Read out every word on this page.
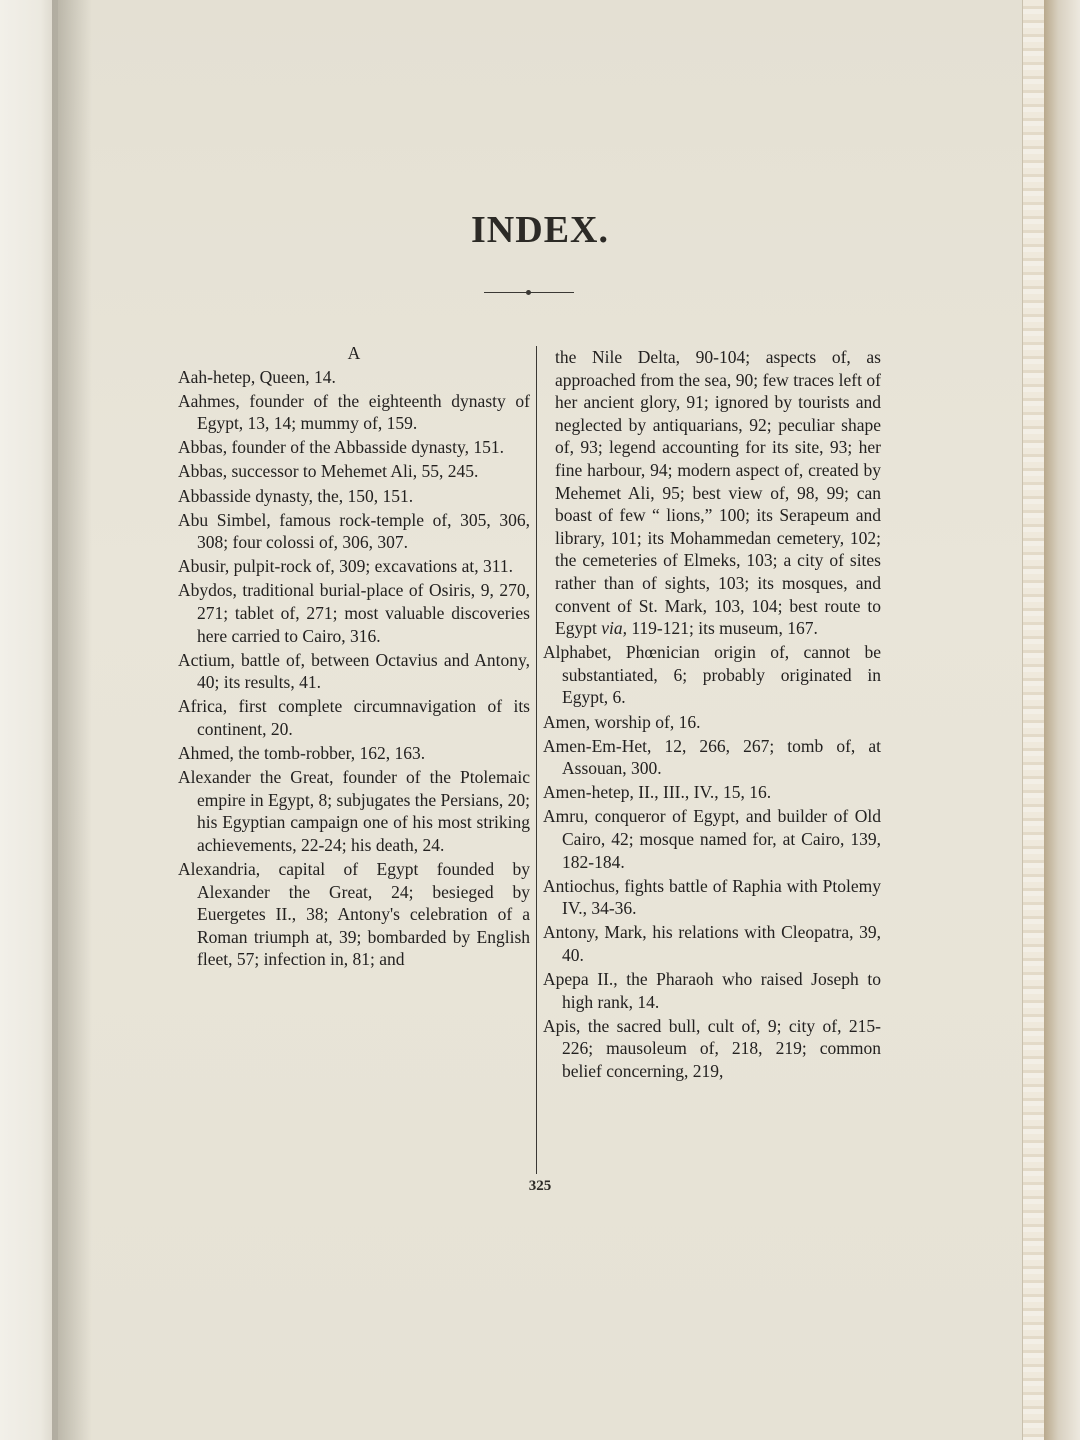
INDEX.
A

Aah-hetep, Queen, 14.

Aahmes, founder of the eighteenth dynasty of Egypt, 13, 14; mummy of, 159.

Abbas, founder of the Abbasside dynasty, 151.

Abbas, successor to Mehemet Ali, 55, 245.

Abbasside dynasty, the, 150, 151.

Abu Simbel, famous rock-temple of, 305, 306, 308; four colossi of, 306, 307.

Abusir, pulpit-rock of, 309; excavations at, 311.

Abydos, traditional burial-place of Osiris, 9, 270, 271; tablet of, 271; most valuable discoveries here carried to Cairo, 316.

Actium, battle of, between Octavius and Antony, 40; its results, 41.

Africa, first complete circumnavigation of its continent, 20.

Ahmed, the tomb-robber, 162, 163.

Alexander the Great, founder of the Ptolemaic empire in Egypt, 8; subjugates the Persians, 20; his Egyptian campaign one of his most striking achievements, 22-24; his death, 24.

Alexandria, capital of Egypt founded by Alexander the Great, 24; besieged by Euergetes II., 38; Antony's celebration of a Roman triumph at, 39; bombarded by English fleet, 57; infection in, 81; and

the Nile Delta, 90-104; aspects of, as approached from the sea, 90; few traces left of her ancient glory, 91; ignored by tourists and neglected by antiquarians, 92; peculiar shape of, 93; legend accounting for its site, 93; her fine harbour, 94; modern aspect of, created by Mehemet Ali, 95; best view of, 98, 99; can boast of few “ lions,” 100; its Serapeum and library, 101; its Mohammedan cemetery, 102; the cemeteries of Elmeks, 103; a city of sites rather than of sights, 103; its mosques, and convent of St. Mark, 103, 104; best route to Egypt via, 119-121; its museum, 167.

Alphabet, Phœnician origin of, cannot be substantiated, 6; probably originated in Egypt, 6.

Amen, worship of, 16.

Amen-Em-Het, 12, 266, 267; tomb of, at Assouan, 300.

Amen-hetep, II., III., IV., 15, 16.

Amru, conqueror of Egypt, and builder of Old Cairo, 42; mosque named for, at Cairo, 139, 182-184.

Antiochus, fights battle of Raphia with Ptolemy IV., 34-36.

Antony, Mark, his relations with Cleopatra, 39, 40.

Apepa II., the Pharaoh who raised Joseph to high rank, 14.

Apis, the sacred bull, cult of, 9; city of, 215-226; mausoleum of, 218, 219; common belief concerning, 219,

325
